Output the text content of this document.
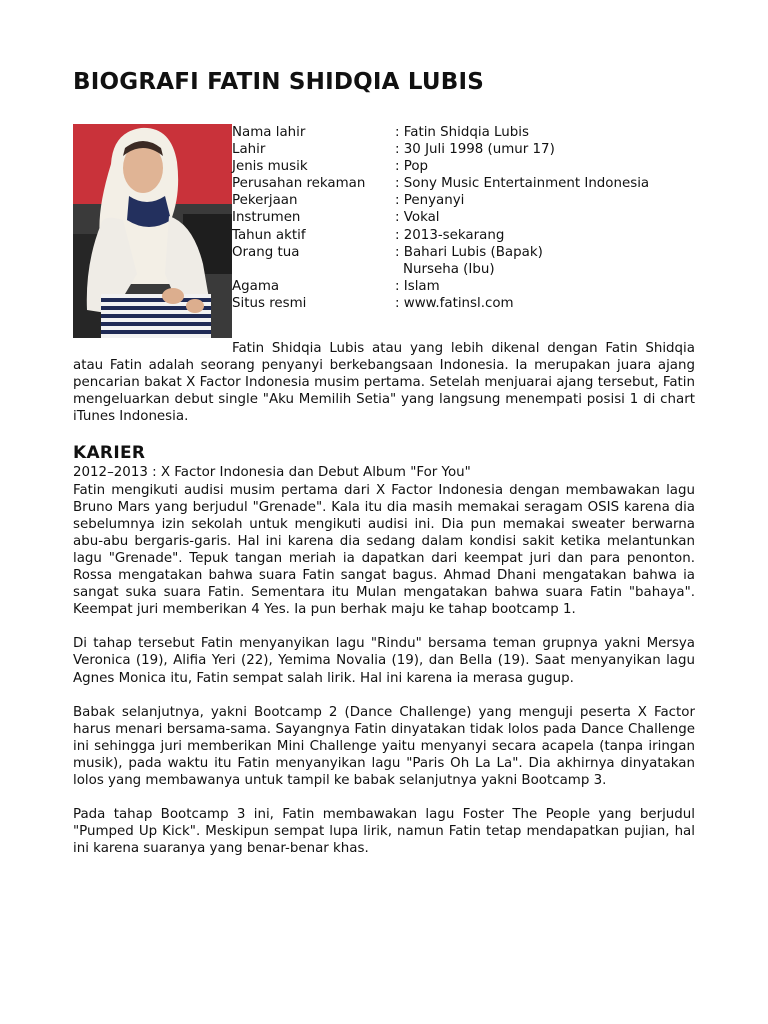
BIOGRAFI FATIN SHIDQIA LUBIS
Nama lahir	: Fatin Shidqia Lubis
Lahir	: 30 Juli 1998 (umur 17)
Jenis musik	: Pop
Perusahan rekaman	: Sony Music Entertainment Indonesia
Pekerjaan	: Penyanyi
Instrumen	: Vokal
Tahun aktif	: 2013-sekarang
Orang tua	: Bahari Lubis (Bapak)
Nurseha (Ibu)
Agama	: Islam
Situs resmi	: www.fatinsl.com

Fatin Shidqia Lubis atau yang lebih dikenal dengan Fatin Shidqia atau Fatin adalah seorang penyanyi berkebangsaan Indonesia. Ia merupakan juara ajang pencarian bakat X Factor Indonesia musim pertama. Setelah menjuarai ajang tersebut, Fatin mengeluarkan debut single "Aku Memilih Setia" yang langsung menempati posisi 1 di chart iTunes Indonesia.

KARIER

2012–2013 : X Factor Indonesia dan Debut Album "For You"

Fatin mengikuti audisi musim pertama dari X Factor Indonesia dengan membawakan lagu Bruno Mars yang berjudul "Grenade". Kala itu dia masih memakai seragam OSIS karena dia sebelumnya izin sekolah untuk mengikuti audisi ini. Dia pun memakai sweater berwarna abu-abu bergaris-garis. Hal ini karena dia sedang dalam kondisi sakit ketika melantunkan lagu "Grenade". Tepuk tangan meriah ia dapatkan dari keempat juri dan para penonton. Rossa mengatakan bahwa suara Fatin sangat bagus. Ahmad Dhani mengatakan bahwa ia sangat suka suara Fatin. Sementara itu Mulan mengatakan bahwa suara Fatin "bahaya". Keempat juri memberikan 4 Yes. Ia pun berhak maju ke tahap bootcamp 1.

Di tahap tersebut Fatin menyanyikan lagu "Rindu" bersama teman grupnya yakni Mersya Veronica (19), Alifia Yeri (22), Yemima Novalia (19), dan Bella (19). Saat menyanyikan lagu Agnes Monica itu, Fatin sempat salah lirik. Hal ini karena ia merasa gugup.

Babak selanjutnya, yakni Bootcamp 2 (Dance Challenge) yang menguji peserta X Factor harus menari bersama-sama. Sayangnya Fatin dinyatakan tidak lolos pada Dance Challenge ini sehingga juri memberikan Mini Challenge yaitu menyanyi secara acapela (tanpa iringan musik), pada waktu itu Fatin menyanyikan lagu "Paris Oh La La". Dia akhirnya dinyatakan lolos yang membawanya untuk tampil ke babak selanjutnya yakni Bootcamp 3.

Pada tahap Bootcamp 3 ini, Fatin membawakan lagu Foster The People yang berjudul "Pumped Up Kick". Meskipun sempat lupa lirik, namun Fatin tetap mendapatkan pujian, hal ini karena suaranya yang benar-benar khas.
